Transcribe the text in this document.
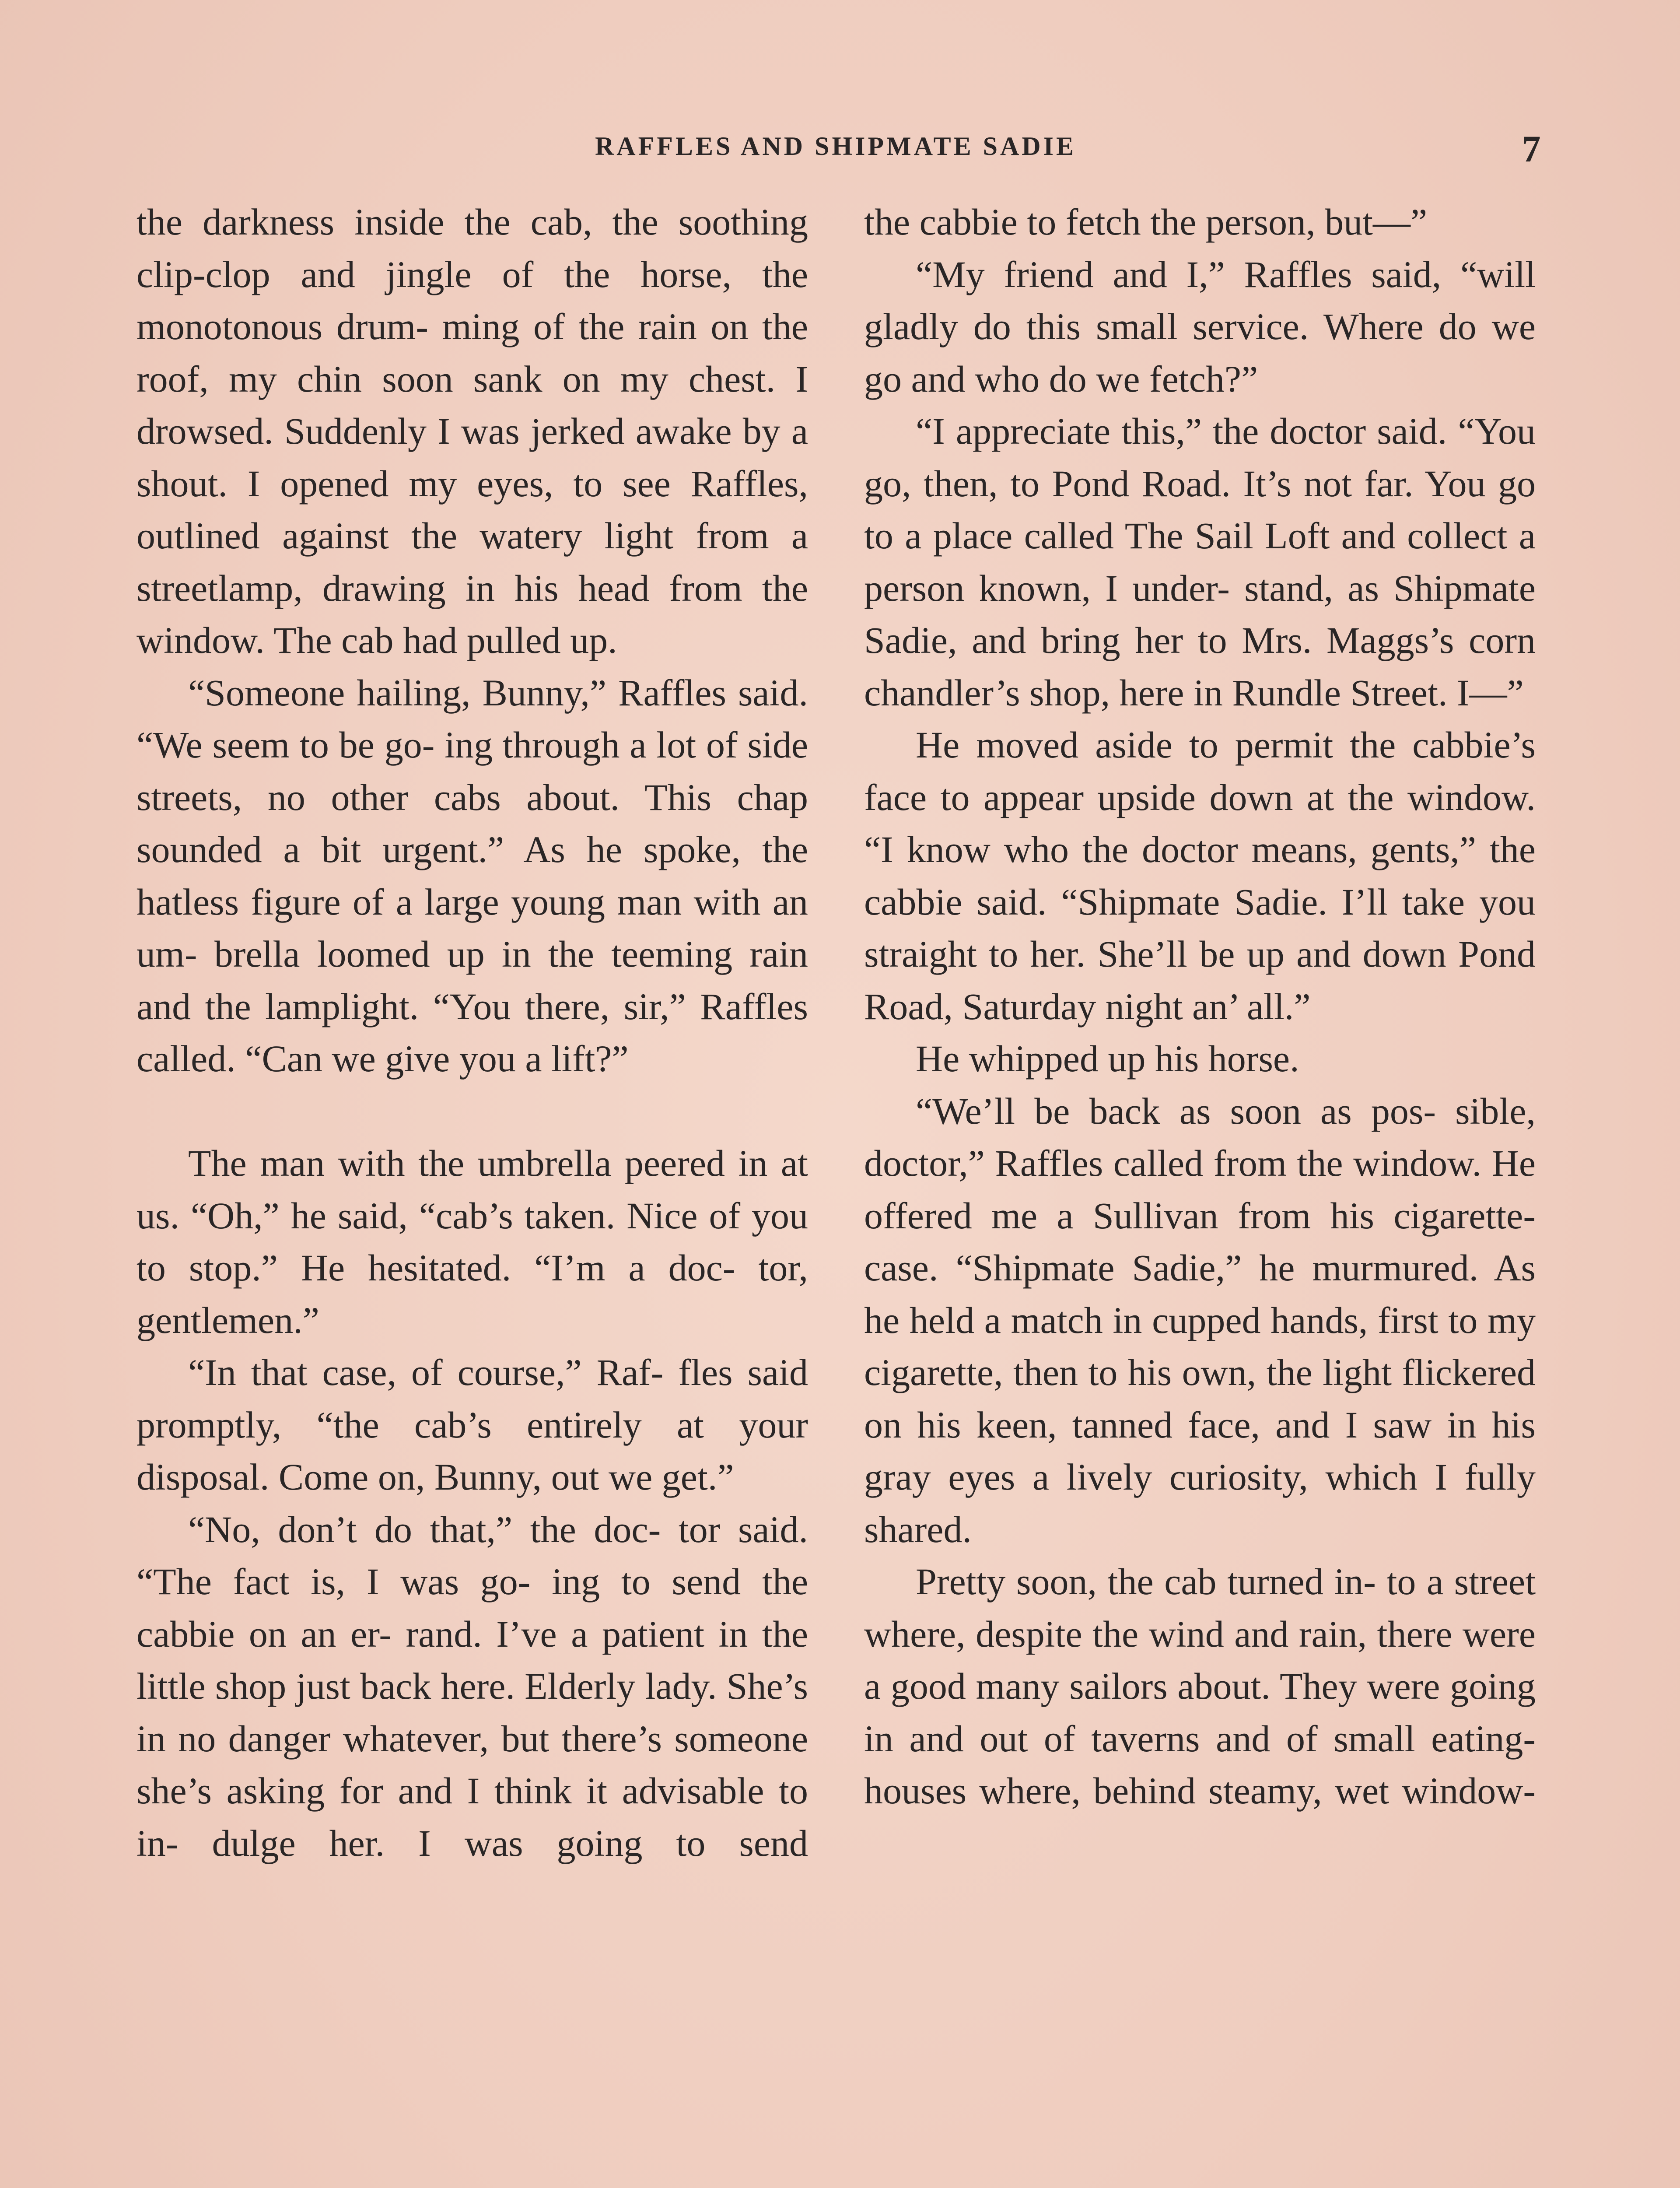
RAFFLES AND SHIPMATE SADIE	7

the darkness inside the cab, the soothing clip-clop and jingle of the horse, the monotonous drum- ming of the rain on the roof, my chin soon sank on my chest. I drowsed. Suddenly I was jerked awake by a shout. I opened my eyes, to see Raffles, outlined against the watery light from a streetlamp, drawing in his head from the window. The cab had pulled up.

“Someone hailing, Bunny,” Raffles said. “We seem to be go- ing through a lot of side streets, no other cabs about. This chap sounded a bit urgent.” As he spoke, the hatless figure of a large young man with an um- brella loomed up in the teeming rain and the lamplight. “You there, sir,” Raffles called. “Can we give you a lift?”

The man with the umbrella peered in at us. “Oh,” he said, “cab’s taken. Nice of you to stop.” He hesitated. “I’m a doc- tor, gentlemen.”

“In that case, of course,” Raf- fles said promptly, “the cab’s entirely at your disposal. Come on, Bunny, out we get.”

“No, don’t do that,” the doc- tor said. “The fact is, I was go- ing to send the cabbie on an er- rand. I’ve a patient in the little shop just back here. Elderly lady. She’s in no danger whatever, but there’s someone she’s asking for and I think it advisable to in- dulge her. I was going to send

the cabbie to fetch the person, but—”

“My friend and I,” Raffles said, “will gladly do this small service. Where do we go and who do we fetch?”

“I appreciate this,” the doctor said. “You go, then, to Pond Road. It’s not far. You go to a place called The Sail Loft and collect a person known, I under- stand, as Shipmate Sadie, and bring her to Mrs. Maggs’s corn chandler’s shop, here in Rundle Street. I—”

He moved aside to permit the cabbie’s face to appear upside down at the window. “I know who the doctor means, gents,” the cabbie said. “Shipmate Sadie. I’ll take you straight to her. She’ll be up and down Pond Road, Saturday night an’ all.”

He whipped up his horse.

“We’ll be back as soon as pos- sible, doctor,” Raffles called from the window. He offered me a Sullivan from his cigarette-case. “Shipmate Sadie,” he murmured. As he held a match in cupped hands, first to my cigarette, then to his own, the light flickered on his keen, tanned face, and I saw in his gray eyes a lively curiosity, which I fully shared.

Pretty soon, the cab turned in- to a street where, despite the wind and rain, there were a good many sailors about. They were going in and out of taverns and of small eating-houses where, behind steamy, wet window-
